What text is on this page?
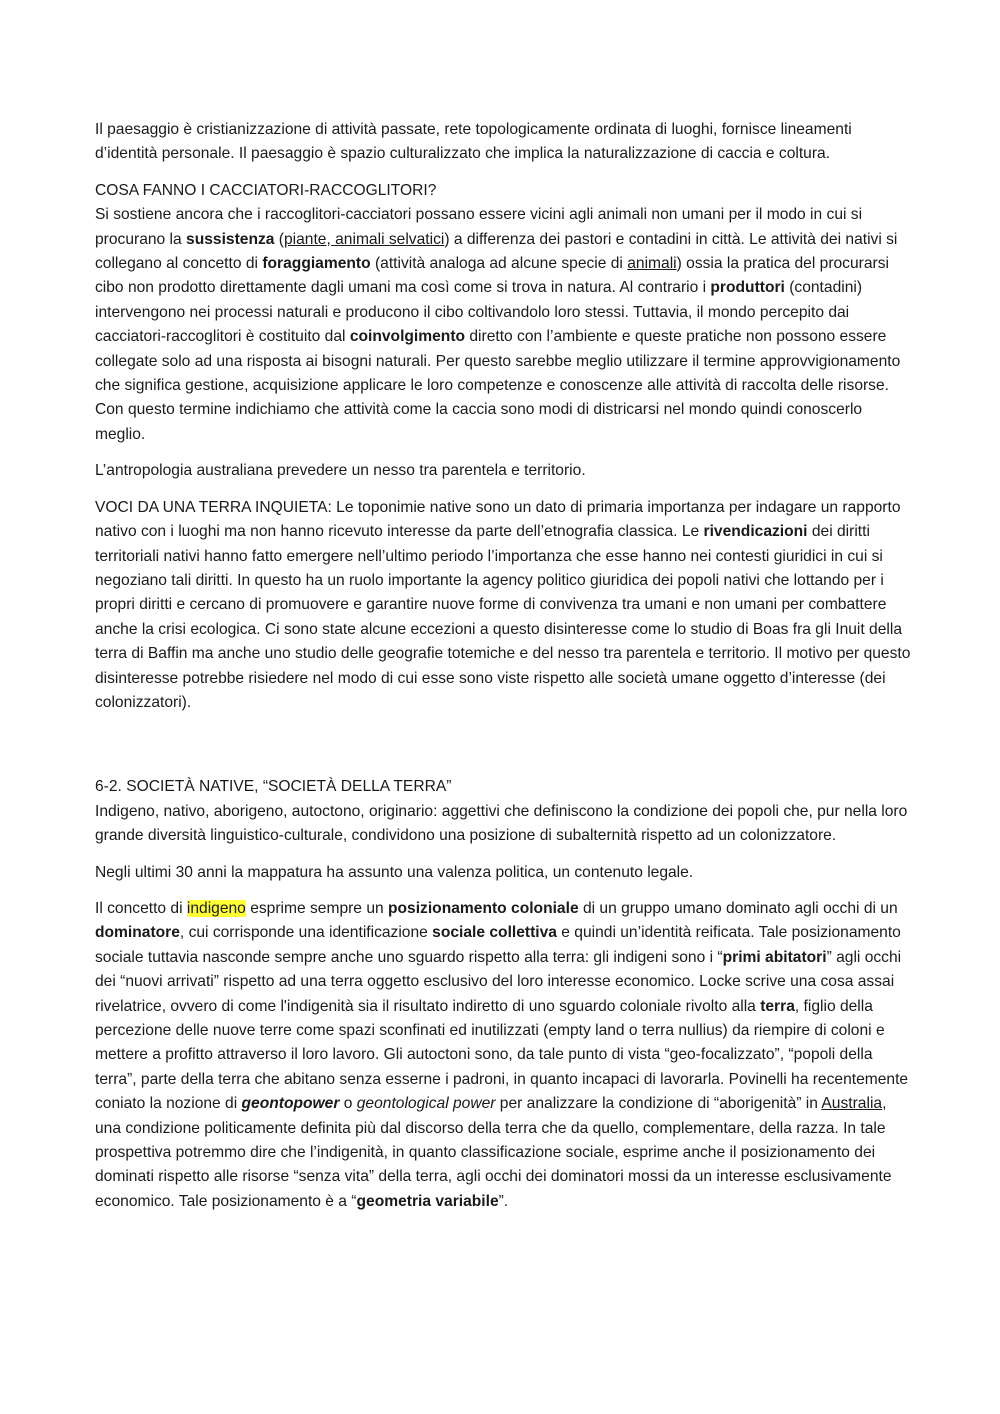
Il paesaggio è cristianizzazione di attività passate, rete topologicamente ordinata di luoghi, fornisce lineamenti d’identità personale. Il paesaggio è spazio culturalizzato che implica la naturalizzazione di caccia e coltura.

COSA FANNO I CACCIATORI-RACCOGLITORI?
Si sostiene ancora che i raccoglitori-cacciatori possano essere vicini agli animali non umani per il modo in cui si procurano la sussistenza (piante, animali selvatici) a differenza dei pastori e contadini in città. Le attività dei nativi si collegano al concetto di foraggiamento (attività analoga ad alcune specie di animali) ossia la pratica del procurarsi cibo non prodotto direttamente dagli umani ma così come si trova in natura. Al contrario i produttori (contadini) intervengono nei processi naturali e producono il cibo coltivandolo loro stessi. Tuttavia, il mondo percepito dai cacciatori-raccoglitori è costituito dal coinvolgimento diretto con l’ambiente e queste pratiche non possono essere collegate solo ad una risposta ai bisogni naturali. Per questo sarebbe meglio utilizzare il termine approvvigionamento che significa gestione, acquisizione applicare le loro competenze e conoscenze alle attività di raccolta delle risorse. Con questo termine indichiamo che attività come la caccia sono modi di districarsi nel mondo quindi conoscerlo meglio.

L’antropologia australiana prevedere un nesso tra parentela e territorio.

VOCI DA UNA TERRA INQUIETA: Le toponimie native sono un dato di primaria importanza per indagare un rapporto nativo con i luoghi ma non hanno ricevuto interesse da parte dell’etnografia classica. Le rivendicazioni dei diritti territoriali nativi hanno fatto emergere nell’ultimo periodo l’importanza che esse hanno nei contesti giuridici in cui si negoziano tali diritti. In questo ha un ruolo importante la agency politico giuridica dei popoli nativi che lottando per i propri diritti e cercano di promuovere e garantire nuove forme di convivenza tra umani e non umani per combattere anche la crisi ecologica. Ci sono state alcune eccezioni a questo disinteresse come lo studio di Boas fra gli Inuit della terra di Baffin ma anche uno studio delle geografie totemiche e del nesso tra parentela e territorio. Il motivo per questo disinteresse potrebbe risiedere nel modo di cui esse sono viste rispetto alle società umane oggetto d’interesse (dei colonizzatori).

6-2. SOCIETÀ NATIVE, “SOCIETÀ DELLA TERRA”
Indigeno, nativo, aborigeno, autoctono, originario: aggettivi che definiscono la condizione dei popoli che, pur nella loro grande diversità linguistico-culturale, condividono una posizione di subalternità rispetto ad un colonizzatore.

Negli ultimi 30 anni la mappatura ha assunto una valenza politica, un contenuto legale.

Il concetto di indigeno esprime sempre un posizionamento coloniale di un gruppo umano dominato agli occhi di un dominatore, cui corrisponde una identificazione sociale collettiva e quindi un’identità reificata. Tale posizionamento sociale tuttavia nasconde sempre anche uno sguardo rispetto alla terra: gli indigeni sono i “primi abitatori” agli occhi dei “nuovi arrivati” rispetto ad una terra oggetto esclusivo del loro interesse economico. Locke scrive una cosa assai rivelatrice, ovvero di come l'indigenità sia il risultato indiretto di uno sguardo coloniale rivolto alla terra, figlio della percezione delle nuove terre come spazi sconfinati ed inutilizzati (empty land o terra nullius) da riempire di coloni e mettere a profitto attraverso il loro lavoro. Gli autoctoni sono, da tale punto di vista “geo-focalizzato”, “popoli della terra”, parte della terra che abitano senza esserne i padroni, in quanto incapaci di lavorarla. Povinelli ha recentemente coniato la nozione di geontopower o geontological power per analizzare la condizione di “aborigenità” in Australia, una condizione politicamente definita più dal discorso della terra che da quello, complementare, della razza. In tale prospettiva potremmo dire che l’indigenità, in quanto classificazione sociale, esprime anche il posizionamento dei dominati rispetto alle risorse “senza vita” della terra, agli occhi dei dominatori mossi da un interesse esclusivamente economico. Tale posizionamento è a “geometria variabile”.
